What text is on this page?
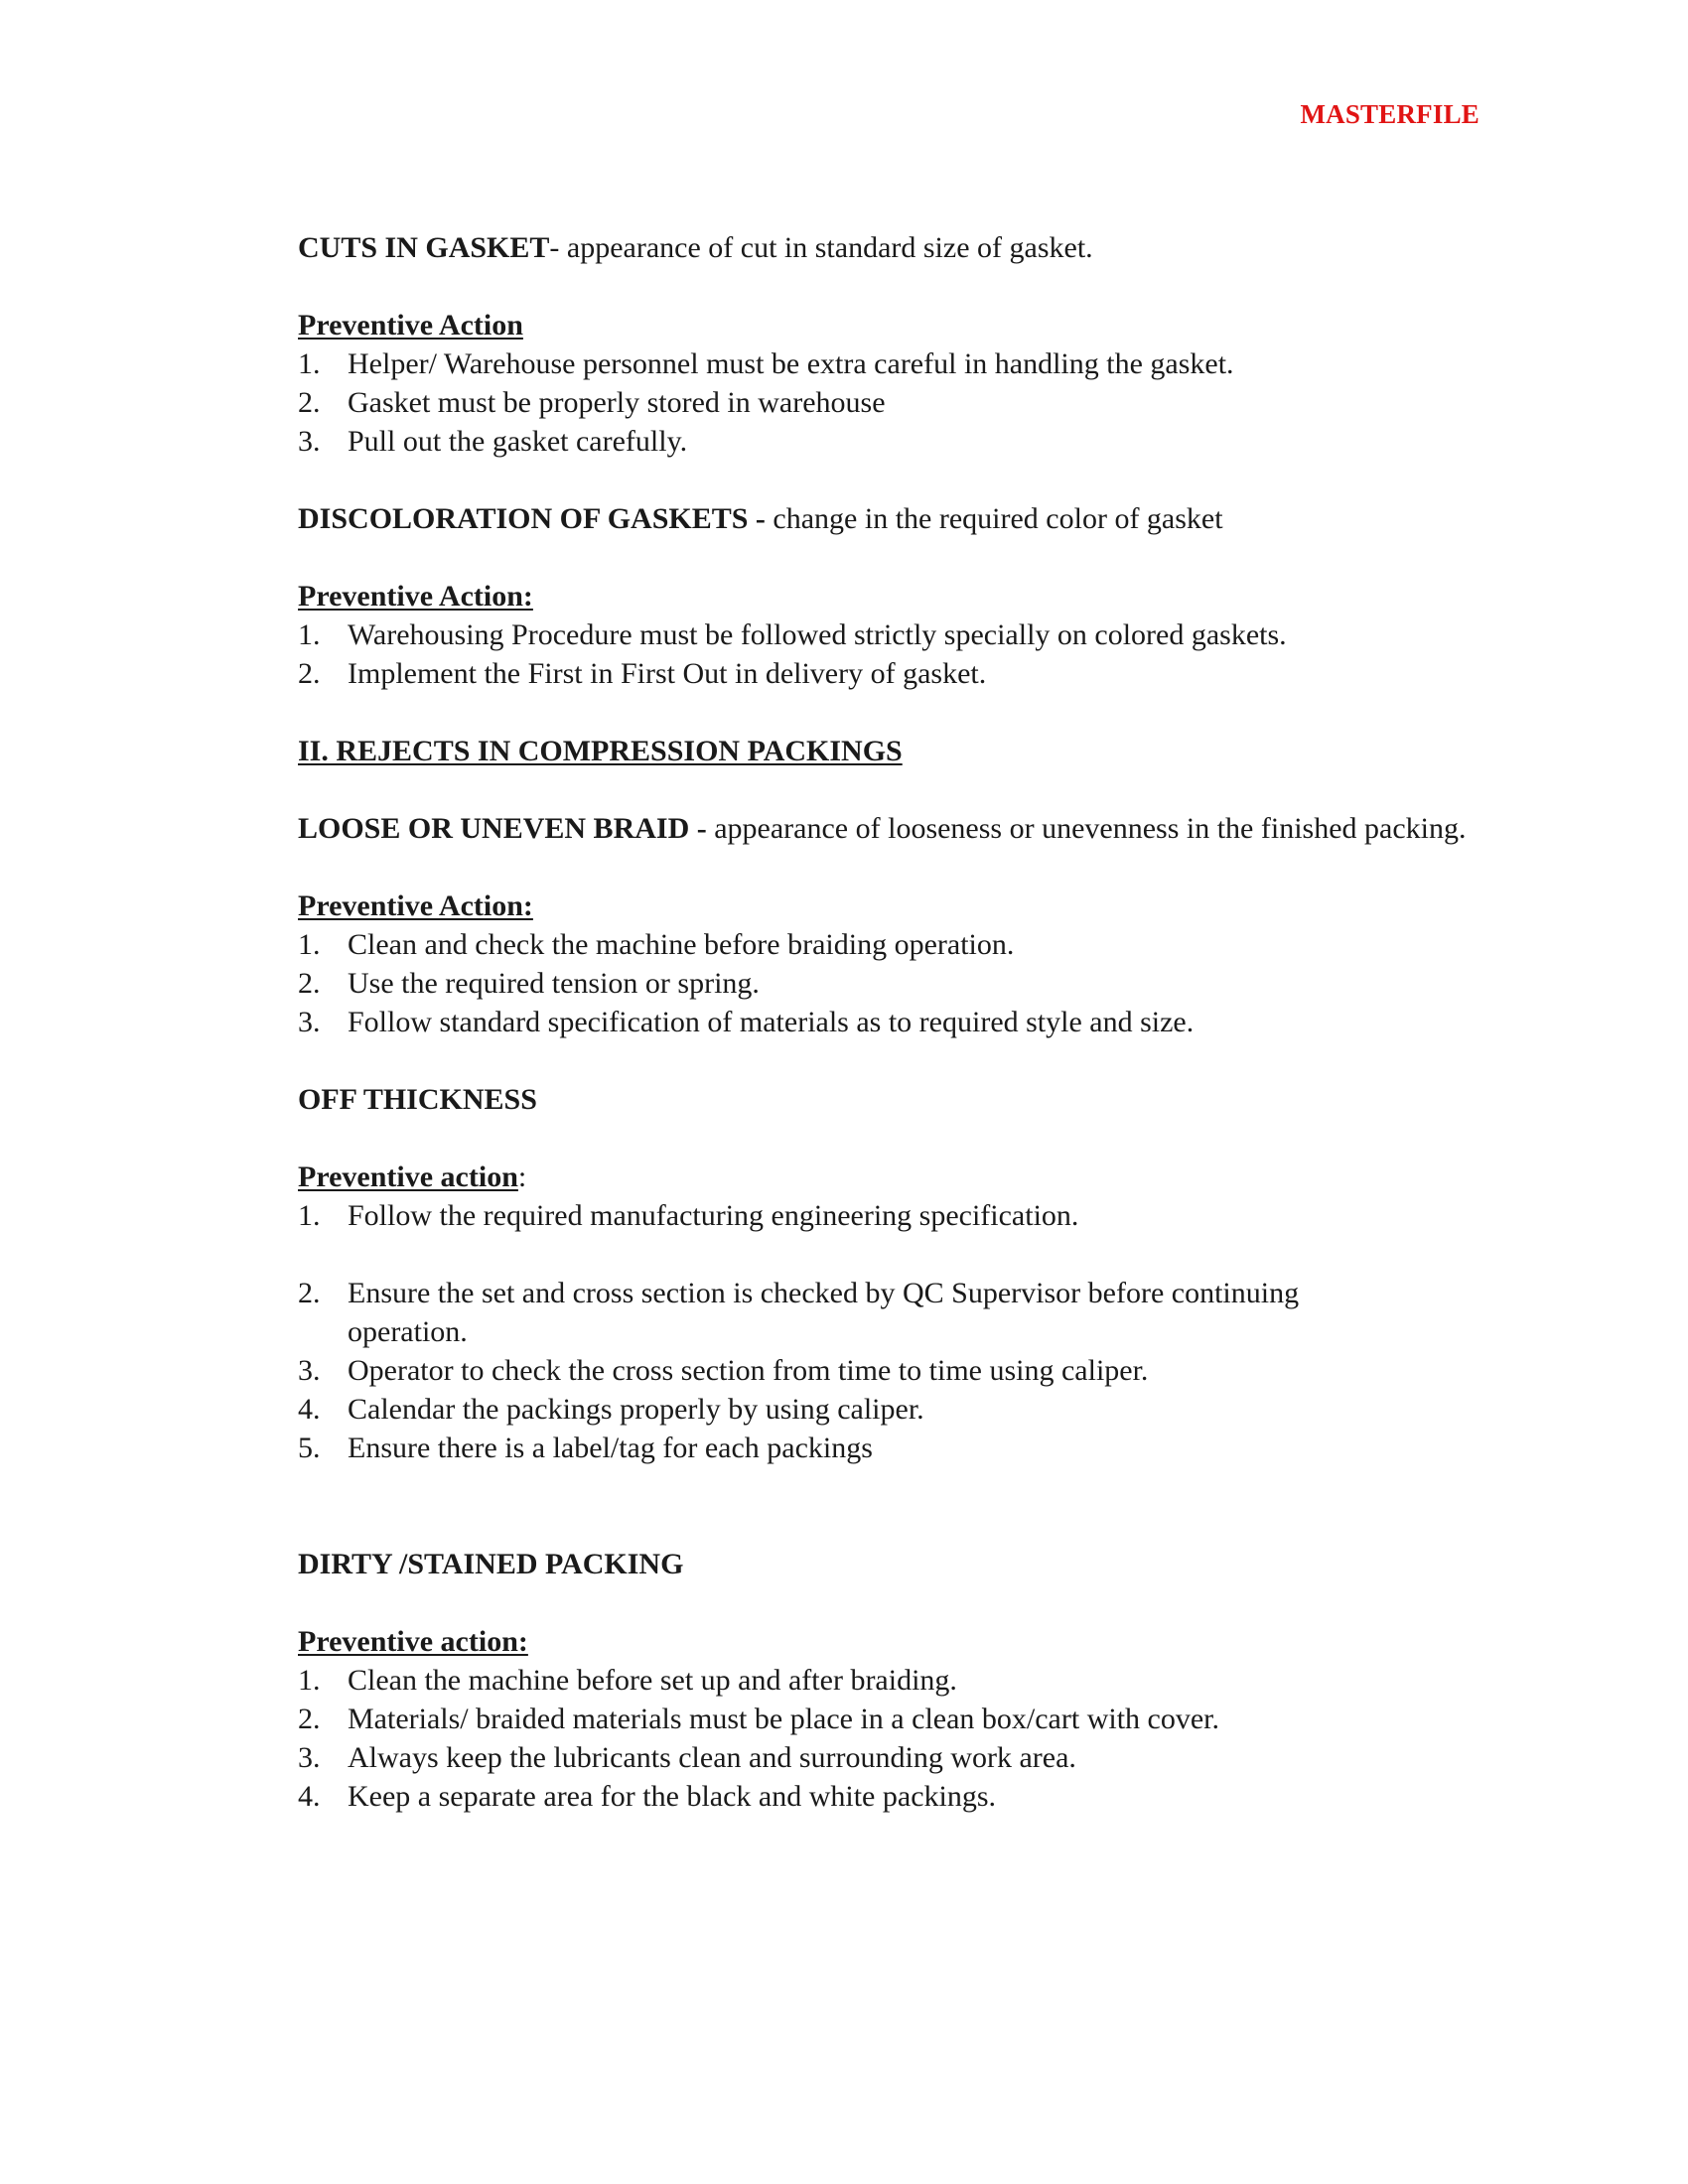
MASTERFILE

CUTS IN GASKET- appearance of cut in standard size of gasket.

Preventive Action

1. Helper/ Warehouse personnel must be extra careful in handling the gasket.
2. Gasket must be properly stored in warehouse
3. Pull out the gasket carefully.

DISCOLORATION OF GASKETS - change in the required color of gasket

Preventive Action:

1. Warehousing Procedure must be followed strictly specially on colored gaskets.
2. Implement the First in First Out in delivery of gasket.

II. REJECTS IN COMPRESSION PACKINGS

LOOSE OR UNEVEN BRAID - appearance of looseness or unevenness in the finished packing.

Preventive Action:

1. Clean and check the machine before braiding operation.
2. Use the required tension or spring.
3. Follow standard specification of materials as to required style and size.

OFF THICKNESS

Preventive action:

1. Follow the required manufacturing engineering specification.
2. Ensure the set and cross section is checked by QC Supervisor before continuing operation.
3. Operator to check the cross section from time to time using caliper.
4. Calendar the packings properly by using caliper.
5. Ensure there is a label/tag for each packings

DIRTY /STAINED PACKING

Preventive action:

1. Clean the machine before set up and after braiding.
2. Materials/ braided materials must be place in a clean box/cart with cover.
3. Always keep the lubricants clean and surrounding work area.
4. Keep a separate area for the black and white packings.
